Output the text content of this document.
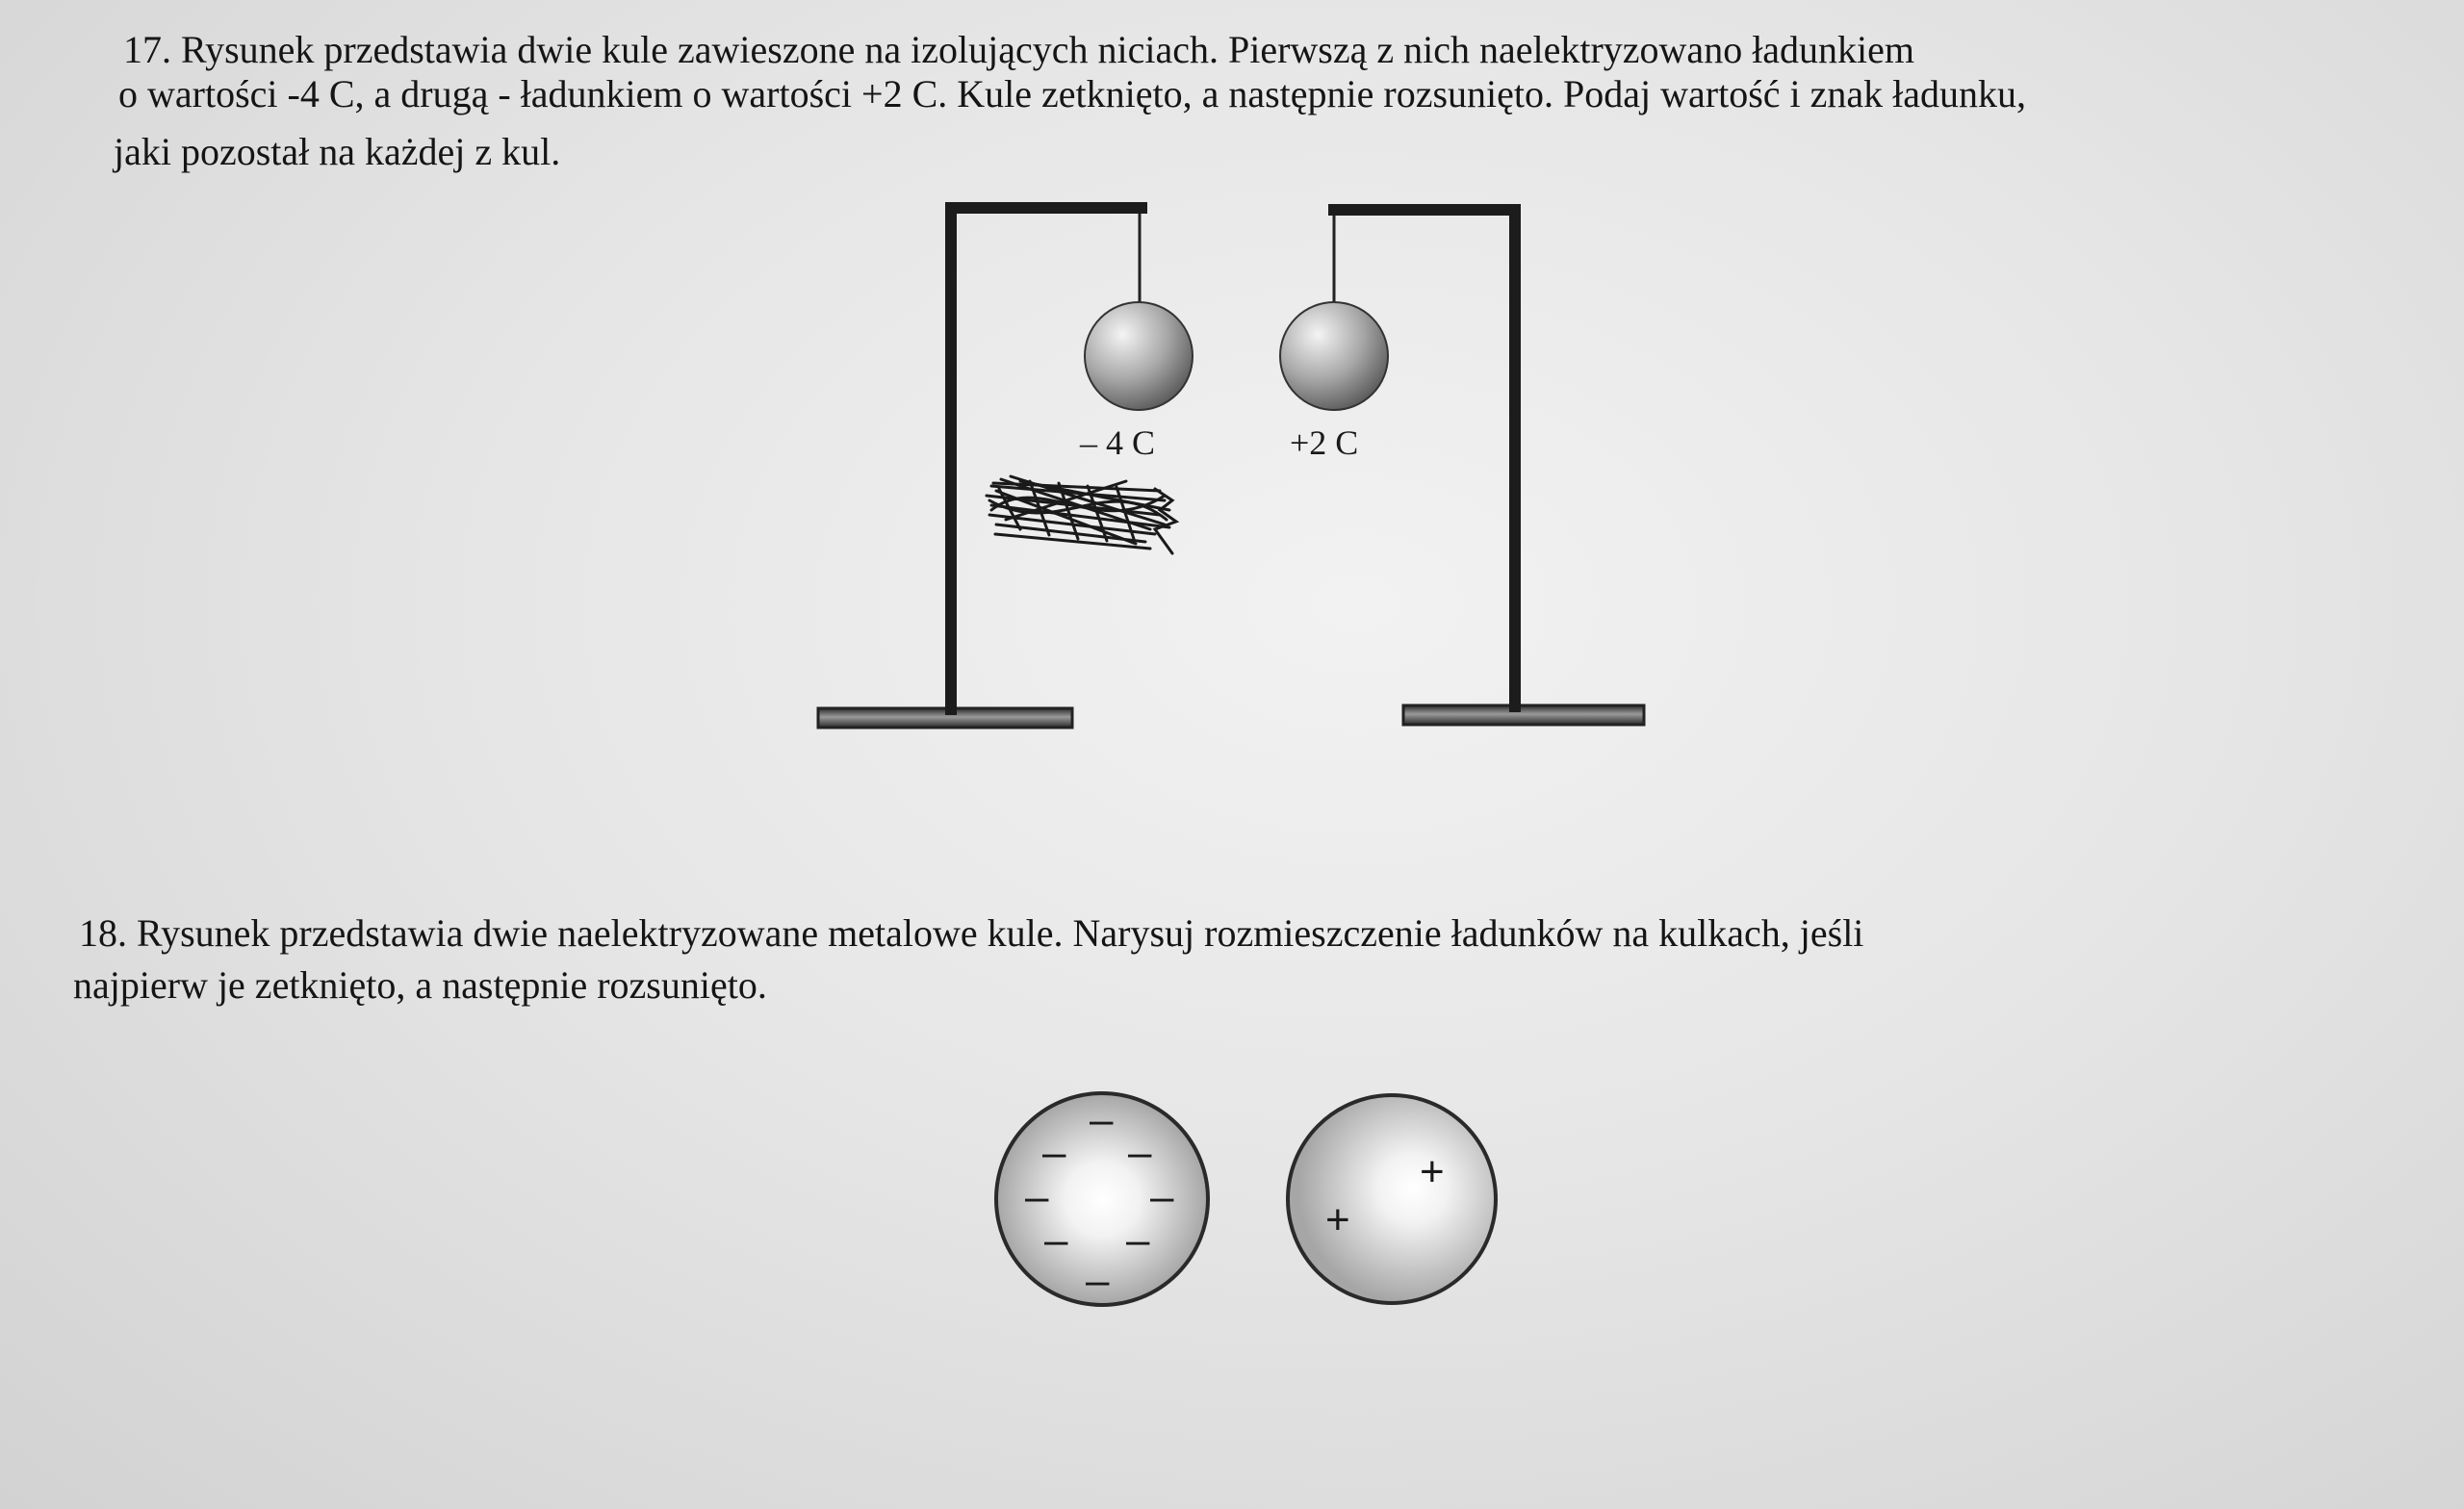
17. Rysunek przedstawia dwie kule zawieszone na izolujących niciach. Pierwszą z nich naelektryzowano ładunkiem

o wartości -4 C, a drugą - ładunkiem o wartości +2 C. Kule zetknięto, a następnie rozsunięto. Podaj wartość i znak ładunku,

jaki pozostał na każdej z kul.

– 4 C	+2 C

18. Rysunek przedstawia dwie naelektryzowane metalowe kule. Narysuj rozmieszczenie ładunków na kulkach, jeśli

najpierw je zetknięto, a następnie rozsunięto.

–
– –
– –
– –
–
+
+
